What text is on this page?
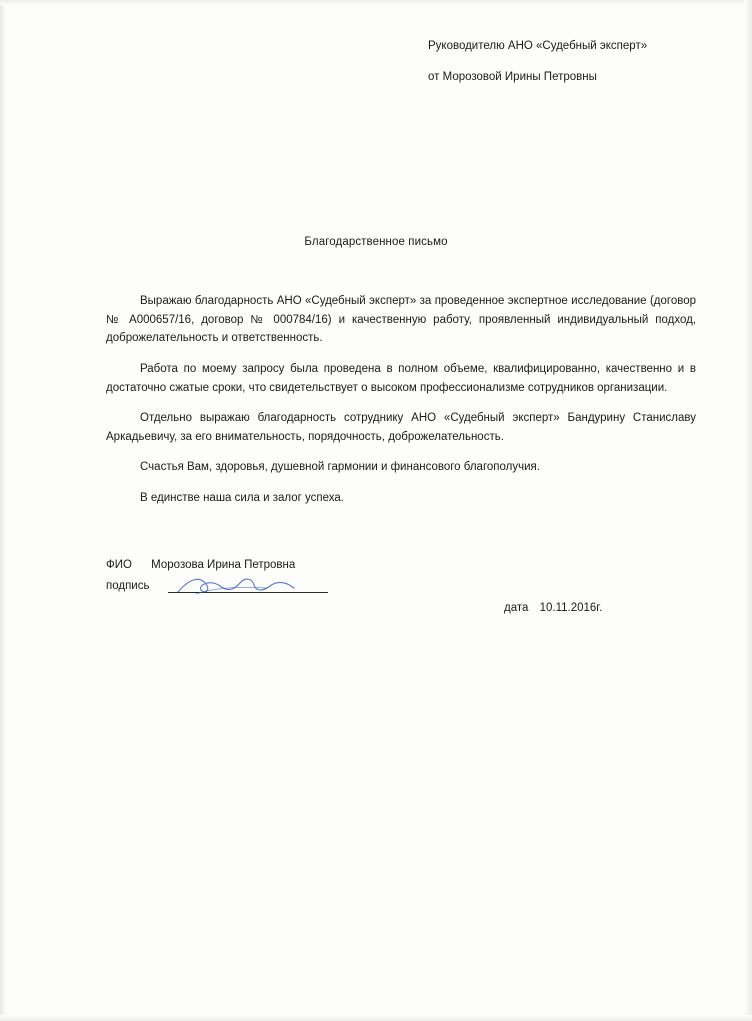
Руководителю АНО «Судебный эксперт»
от Морозовой Ирины Петровны
Благодарственное письмо

Выражаю благодарность АНО «Судебный эксперт» за проведенное экспертное исследование (договор № А000657/16, договор № 000784/16) и качественную работу, проявленный индивидуальный подход, доброжелательность и ответственность.

Работа по моему запросу была проведена в полном объеме, квалифицированно, качественно и в достаточно сжатые сроки, что свидетельствует о высоком профессионализме сотрудников организации.

Отдельно выражаю благодарность сотруднику АНО «Судебный эксперт» Бандурину Станиславу Аркадьевичу, за его внимательность, порядочность, доброжелательность.

Счастья Вам, здоровья, душевной гармонии и финансового благополучия.

В единстве наша сила и залог успеха.

ФИО Морозова Ирина Петровна
подпись
дата 10.11.2016г.
